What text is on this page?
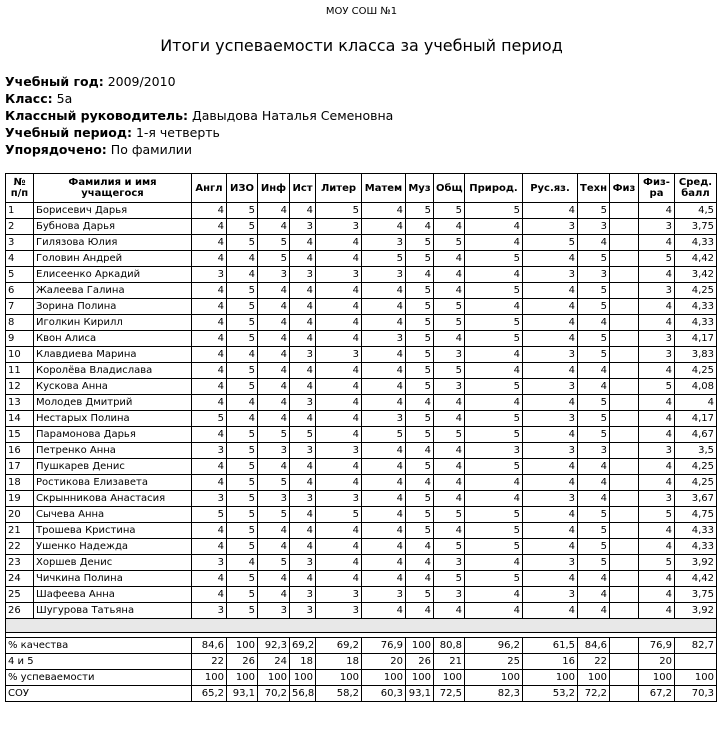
МОУ СОШ №1
Итоги успеваемости класса за учебный период
Учебный год: 2009/2010
Класс: 5а
Классный руководитель: Давыдова Наталья Семеновна
Учебный период: 1-я четверть
Упорядочено: По фамилии
№ п/п	Фамилия и имя учащегося	Англ	ИЗО	Инф	Ист	Литер	Матем	Муз	Общ	Природ.	Рус.яз.	Техн	Физ	Физ-ра	Сред. балл
1	Борисевич Дарья	4	5	4	4	5	4	5	5	5	4	5		4	4,5
2	Бубнова Дарья	4	5	4	3	3	4	4	4	4	3	3		3	3,75
3	Гилязова Юлия	4	5	5	4	4	3	5	5	4	5	4		4	4,33
4	Головин Андрей	4	4	5	4	4	5	5	4	5	4	5		5	4,42
5	Елисеенко Аркадий	3	4	3	3	3	3	4	4	4	3	3		4	3,42
6	Жалеева Галина	4	5	4	4	4	4	5	4	5	4	5		3	4,25
7	Зорина Полина	4	5	4	4	4	4	5	5	4	4	5		4	4,33
8	Иголкин Кирилл	4	5	4	4	4	4	5	5	5	4	4		4	4,33
9	Квон Алиса	4	5	4	4	4	3	5	4	5	4	5		3	4,17
10	Клавдиева Марина	4	4	4	3	3	4	5	3	4	3	5		3	3,83
11	Королёва Владислава	4	5	4	4	4	4	5	5	4	4	4		4	4,25
12	Кускова Анна	4	5	4	4	4	4	5	3	5	3	4		5	4,08
13	Молодев Дмитрий	4	4	4	3	4	4	4	4	4	4	5		4	4
14	Нестарых Полина	5	4	4	4	4	3	5	4	5	3	5		4	4,17
15	Парамонова Дарья	4	5	5	5	4	5	5	5	5	4	5		4	4,67
16	Петренко Анна	3	5	3	3	3	4	4	4	3	3	3		3	3,5
17	Пушкарев Денис	4	5	4	4	4	4	5	4	5	4	4		4	4,25
18	Ростикова Елизавета	4	5	5	4	4	4	4	4	4	4	4		4	4,25
19	Скрынникова Анастасия	3	5	3	3	3	4	5	4	4	3	4		3	3,67
20	Сычева Анна	5	5	5	4	5	4	5	5	5	4	5		5	4,75
21	Трошева Кристина	4	5	4	4	4	4	5	4	5	4	5		4	4,33
22	Ушенко Надежда	4	5	4	4	4	4	4	5	5	4	5		4	4,33
23	Хоршев Денис	3	4	5	3	4	4	4	3	4	3	5		5	3,92
24	Чичкина Полина	4	5	4	4	4	4	4	5	5	4	4		4	4,42
25	Шафеева Анна	4	5	4	3	3	3	5	3	4	3	4		4	3,75
26	Шугурова Татьяна	3	5	3	3	3	4	4	4	4	4	4		4	3,92

% качества		84,6	100	92,3	69,2	69,2	76,9	100	80,8	96,2	61,5	84,6		76,9	82,7
4 и 5		22	26	24	18	18	20	26	21	25	16	22		20	
% успеваемости		100	100	100	100	100	100	100	100	100	100	100		100	100
СОУ		65,2	93,1	70,2	56,8	58,2	60,3	93,1	72,5	82,3	53,2	72,2		67,2	70,3
